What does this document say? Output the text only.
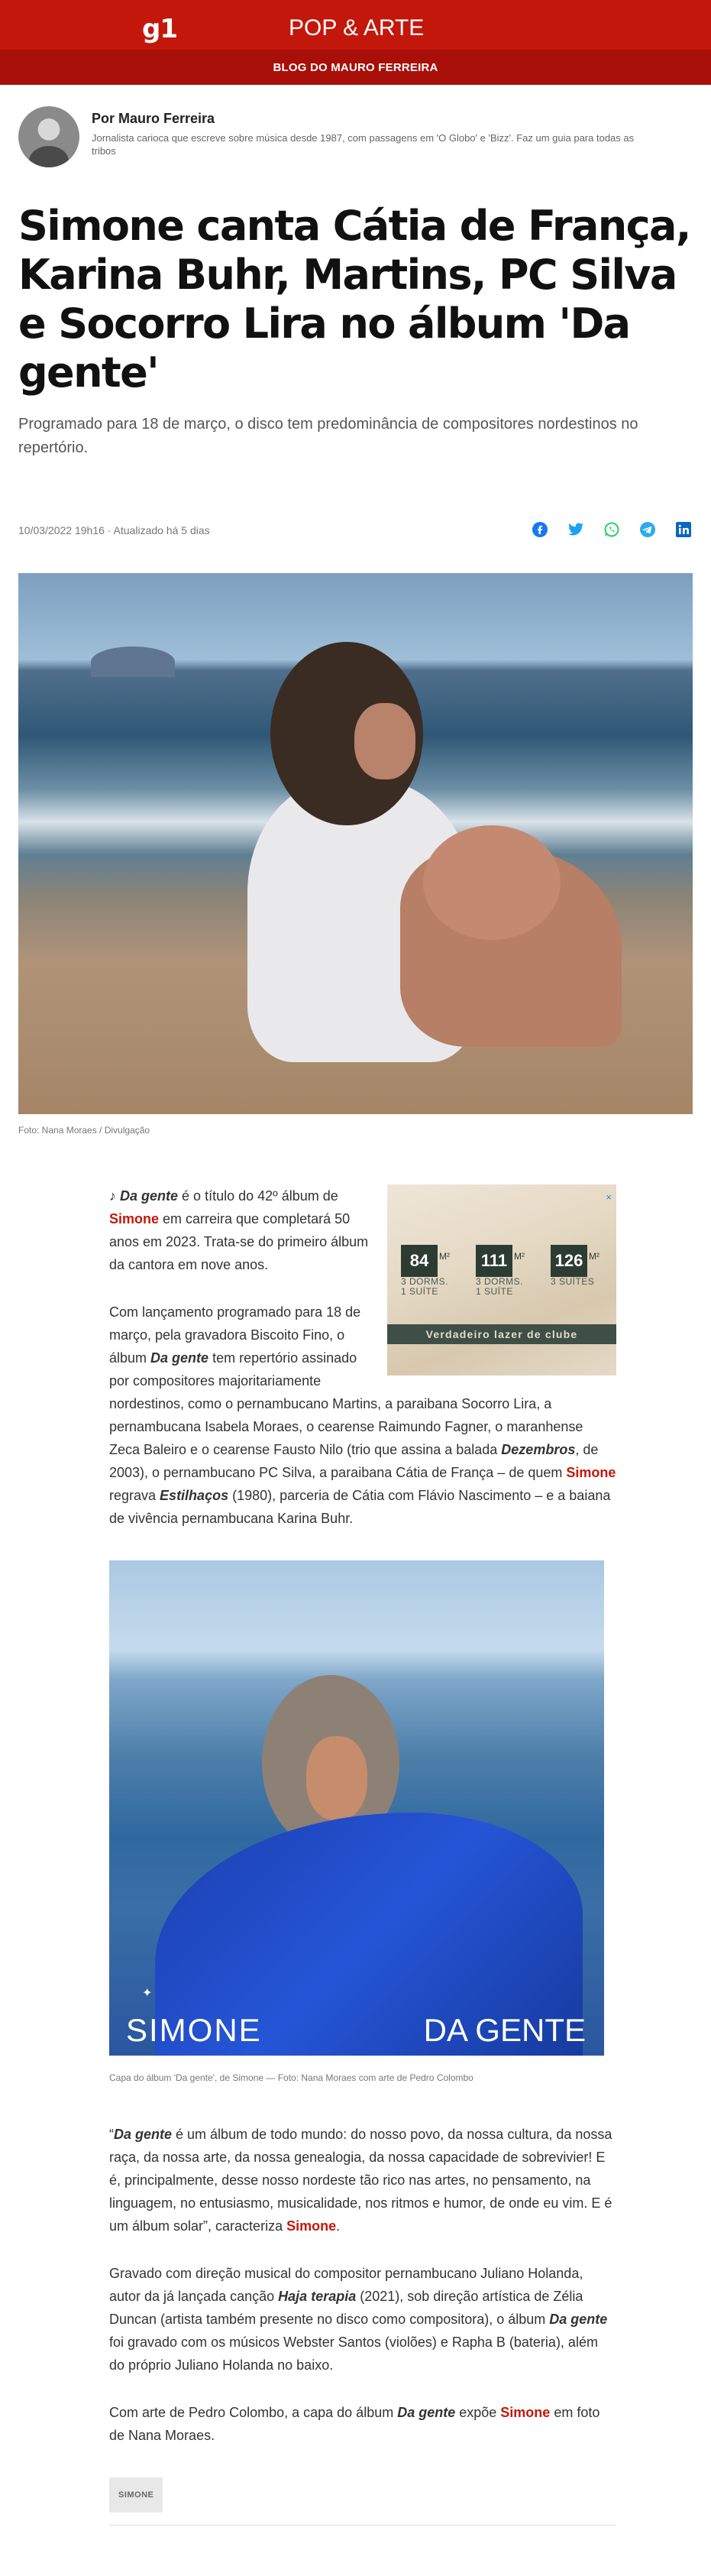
g1	POP & ARTE
BLOG DO MAURO FERREIRA
Por Mauro Ferreira
Jornalista carioca que escreve sobre música desde 1987, com passagens em 'O Globo' e 'Bizz'. Faz um guia para todas as tribos
Simone canta Cátia de França, Karina Buhr, Martins, PC Silva e Socorro Lira no álbum 'Da gente'
Programado para 18 de março, o disco tem predominância de compositores nordestinos no repertório.
10/03/2022 19h16 · Atualizado há 5 dias
Foto: Nana Moraes / Divulgação
×
84 M²
3 DORMS.
1 SUÍTE
111 M²
3 DORMS.
1 SUÍTE
126 M²
3 SUÍTES
Verdadeiro lazer de clube

♪ Da gente é o título do 42º álbum de Simone em carreira que completará 50 anos em 2023. Trata-se do primeiro álbum da cantora em nove anos.

Com lançamento programado para 18 de março, pela gravadora Biscoito Fino, o álbum Da gente tem repertório assinado por compositores majoritariamente nordestinos, como o pernambucano Martins, a paraibana Socorro Lira, a pernambucana Isabela Moraes, o cearense Raimundo Fagner, o maranhense Zeca Baleiro e o cearense Fausto Nilo (trio que assina a balada Dezembros, de 2003), o pernambucano PC Silva, a paraibana Cátia de França – de quem Simone regrava Estilhaços (1980), parceria de Cátia com Flávio Nascimento – e a baiana de vivência pernambucana Karina Buhr.

✦
SIMONE	DA GENTE
Capa do álbum 'Da gente', de Simone — Foto: Nana Moraes com arte de Pedro Colombo

“Da gente é um álbum de todo mundo: do nosso povo, da nossa cultura, da nossa raça, da nossa arte, da nossa genealogia, da nossa capacidade de sobrevivier! E é, principalmente, desse nosso nordeste tão rico nas artes, no pensamento, na linguagem, no entusiasmo, musicalidade, nos ritmos e humor, de onde eu vim. E é um álbum solar”, caracteriza Simone.

Gravado com direção musical do compositor pernambucano Juliano Holanda, autor da já lançada canção Haja terapia (2021), sob direção artística de Zélia Duncan (artista também presente no disco como compositora), o álbum Da gente foi gravado com os músicos Webster Santos (violões) e Rapha B (bateria), além do próprio Juliano Holanda no baixo.

Com arte de Pedro Colombo, a capa do álbum Da gente expõe Simone em foto de Nana Moraes.

SIMONE
